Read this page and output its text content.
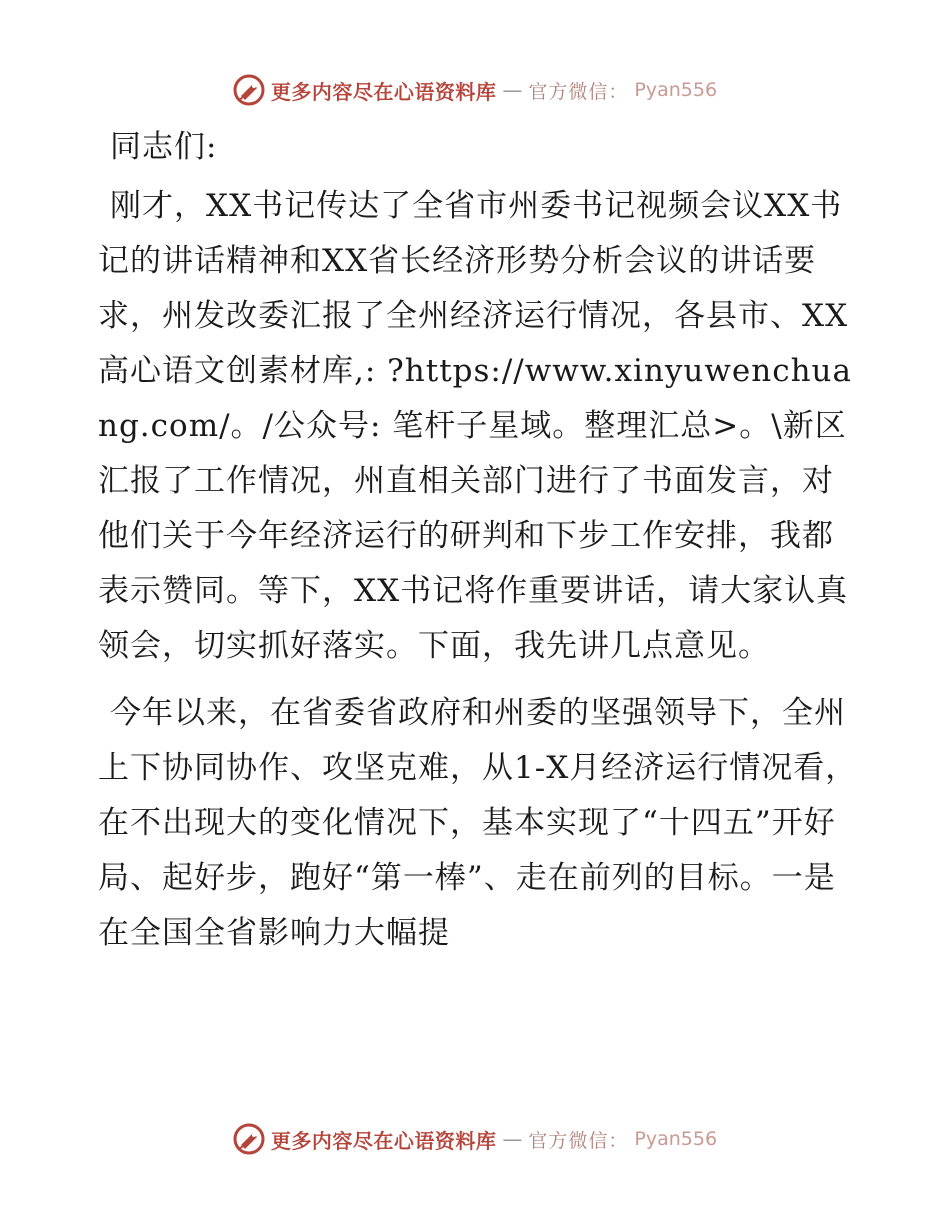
更多内容尽在心语资料库 — 官方微信： Pyan556

同志们:

刚才，XX书记传达了全省市州委书记视频会议XX书记的讲话精神和XX省长经济形势分析会议的讲话要求，州发改委汇报了全州经济运行情况，各县市、XX高心语文创素材库,: ?https://www.xinyuwenchuang.com/。/公众号: 笔杆子星域。整理汇总>。\新区汇报了工作情况，州直相关部门进行了书面发言，对他们关于今年经济运行的研判和下步工作安排，我都表示赞同。等下，XX书记将作重要讲话，请大家认真领会，切实抓好落实。下面，我先讲几点意见。

今年以来，在省委省政府和州委的坚强领导下，全州上下协同协作、攻坚克难，从1-X月经济运行情况看，在不出现大的变化情况下，基本实现了“十四五”开好局、起好步，跑好“第一棒”、走在前列的目标。一是在全国全省影响力大幅提

更多内容尽在心语资料库 — 官方微信： Pyan556
